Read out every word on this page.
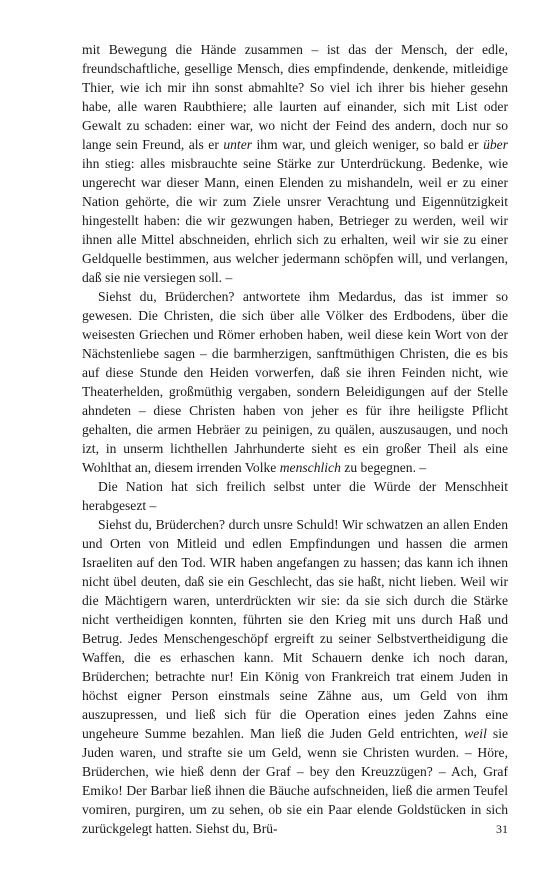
mit Bewegung die Hände zusammen – ist das der Mensch, der edle, freundschaftliche, gesellige Mensch, dies empfindende, denkende, mitleidige Thier, wie ich mir ihn sonst abmahlte? So viel ich ihrer bis hieher gesehn habe, alle waren Raubthiere; alle laurten auf einander, sich mit List oder Gewalt zu schaden: einer war, wo nicht der Feind des andern, doch nur so lange sein Freund, als er unter ihm war, und gleich weniger, so bald er über ihn stieg: alles misbrauchte seine Stärke zur Unterdrückung. Bedenke, wie ungerecht war dieser Mann, einen Elenden zu mishandeln, weil er zu einer Nation gehörte, die wir zum Ziele unsrer Verachtung und Eigennützigkeit hingestellt haben: die wir gezwungen haben, Betrieger zu werden, weil wir ihnen alle Mittel abschneiden, ehrlich sich zu erhalten, weil wir sie zu einer Geldquelle bestimmen, aus welcher jedermann schöpfen will, und verlangen, daß sie nie versiegen soll. –

Siehst du, Brüderchen? antwortete ihm Medardus, das ist immer so gewesen. Die Christen, die sich über alle Völker des Erdbodens, über die weisesten Griechen und Römer erhoben haben, weil diese kein Wort von der Nächstenliebe sagen – die barmherzigen, sanftmüthigen Christen, die es bis auf diese Stunde den Heiden vorwerfen, daß sie ihren Feinden nicht, wie Theaterhelden, großmüthig vergaben, sondern Beleidigungen auf der Stelle ahndeten – diese Christen haben von jeher es für ihre heiligste Pflicht gehalten, die armen Hebräer zu peinigen, zu quälen, auszusaugen, und noch izt, in unserm lichthellen Jahrhunderte sieht es ein großer Theil als eine Wohlthat an, diesem irrenden Volke menschlich zu begegnen. –

Die Nation hat sich freilich selbst unter die Würde der Menschheit herabgesezt –

Siehst du, Brüderchen? durch unsre Schuld! Wir schwatzen an allen Enden und Orten von Mitleid und edlen Empfindungen und hassen die armen Israeliten auf den Tod. WIR haben angefangen zu hassen; das kann ich ihnen nicht übel deuten, daß sie ein Geschlecht, das sie haßt, nicht lieben. Weil wir die Mächtigern waren, unterdrückten wir sie: da sie sich durch die Stärke nicht vertheidigen konnten, führten sie den Krieg mit uns durch Haß und Betrug. Jedes Menschengeschöpf ergreift zu seiner Selbstvertheidigung die Waffen, die es erhaschen kann. Mit Schauern denke ich noch daran, Brüderchen; betrachte nur! Ein König von Frankreich trat einem Juden in höchst eigner Person einstmals seine Zähne aus, um Geld von ihm auszupressen, und ließ sich für die Operation eines jeden Zahns eine ungeheure Summe bezahlen. Man ließ die Juden Geld entrichten, weil sie Juden waren, und strafte sie um Geld, wenn sie Christen wurden. – Höre, Brüderchen, wie hieß denn der Graf – bey den Kreuzzügen? – Ach, Graf Emiko! Der Barbar ließ ihnen die Bäuche aufschneiden, ließ die armen Teufel vomiren, purgiren, um zu sehen, ob sie ein Paar elende Goldstücken in sich zurückgelegt hatten. Siehst du, Brü-	31
